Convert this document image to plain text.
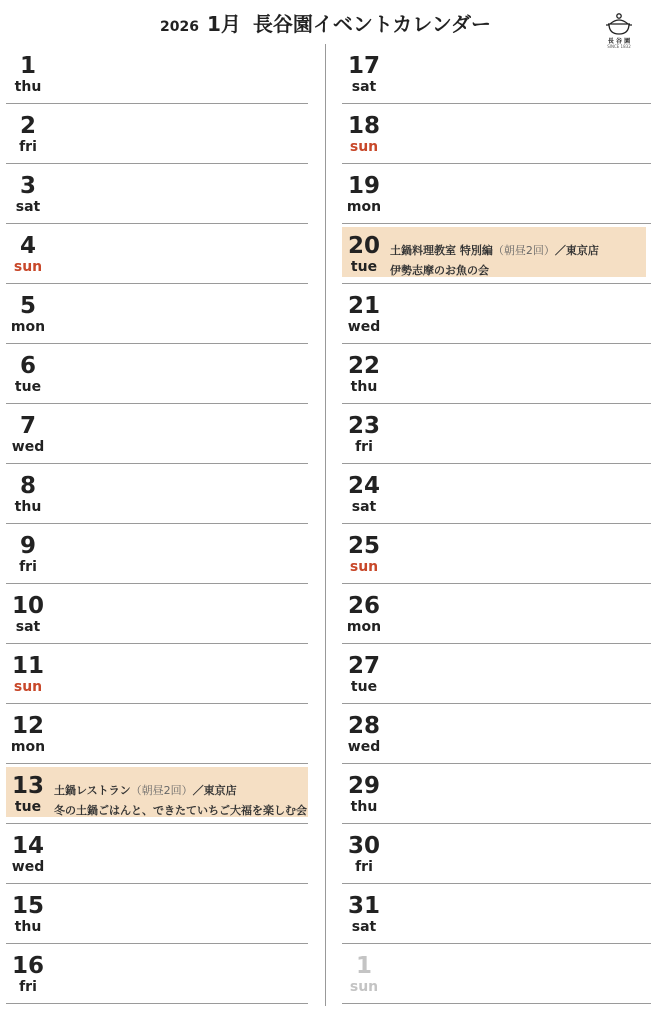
2026 1月 長谷園イベントカレンダー
長 谷 園
SINCE 1832
1
thu
2
fri
3
sat
4
sun
5
mon
6
tue
7
wed
8
thu
9
fri
10
sat
11
sun
12
mon
13
tue
土鍋レストラン（朝昼2回）／東京店
冬の土鍋ごはんと、できたていちご大福を楽しむ会
14
wed
15
thu
16
fri
17
sat
18
sun
19
mon
20
tue
土鍋料理教室 特別編（朝昼2回）／東京店
伊勢志摩のお魚の会
21
wed
22
thu
23
fri
24
sat
25
sun
26
mon
27
tue
28
wed
29
thu
30
fri
31
sat
1
sun
